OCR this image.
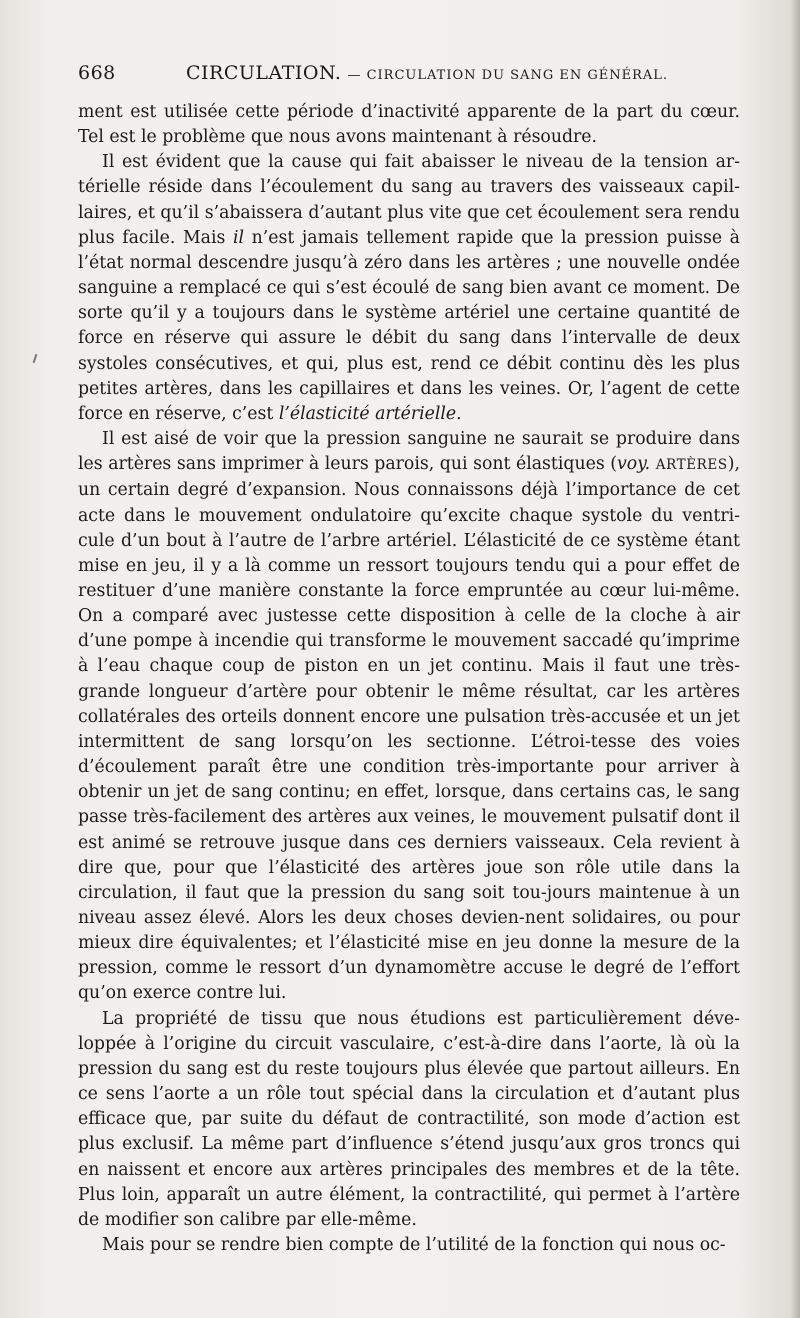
668	CIRCULATION. — CIRCULATION DU SANG EN GÉNÉRAL.

ment est utilisée cette période d’inactivité apparente de la part du cœur. Tel est le problème que nous avons maintenant à résoudre.

Il est évident que la cause qui fait abaisser le niveau de la tension ar-térielle réside dans l’écoulement du sang au travers des vaisseaux capil-laires, et qu’il s’abaissera d’autant plus vite que cet écoulement sera rendu plus facile. Mais il n’est jamais tellement rapide que la pression puisse à l’état normal descendre jusqu’à zéro dans les artères ; une nouvelle ondée sanguine a remplacé ce qui s’est écoulé de sang bien avant ce moment. De sorte qu’il y a toujours dans le système artériel une certaine quantité de force en réserve qui assure le débit du sang dans l’intervalle de deux systoles consécutives, et qui, plus est, rend ce débit continu dès les plus petites artères, dans les capillaires et dans les veines. Or, l’agent de cette force en réserve, c’est l’élasticité artérielle.

Il est aisé de voir que la pression sanguine ne saurait se produire dans les artères sans imprimer à leurs parois, qui sont élastiques (voy. ARTÈRES), un certain degré d’expansion. Nous connaissons déjà l’importance de cet acte dans le mouvement ondulatoire qu’excite chaque systole du ventri-cule d’un bout à l’autre de l’arbre artériel. L’élasticité de ce système étant mise en jeu, il y a là comme un ressort toujours tendu qui a pour effet de restituer d’une manière constante la force empruntée au cœur lui-même. On a comparé avec justesse cette disposition à celle de la cloche à air d’une pompe à incendie qui transforme le mouvement saccadé qu’imprime à l’eau chaque coup de piston en un jet continu. Mais il faut une très-grande longueur d’artère pour obtenir le même résultat, car les artères collatérales des orteils donnent encore une pulsation très-accusée et un jet intermittent de sang lorsqu’on les sectionne. L’étroi-tesse des voies d’écoulement paraît être une condition très-importante pour arriver à obtenir un jet de sang continu; en effet, lorsque, dans certains cas, le sang passe très-facilement des artères aux veines, le mouvement pulsatif dont il est animé se retrouve jusque dans ces derniers vaisseaux. Cela revient à dire que, pour que l’élasticité des artères joue son rôle utile dans la circulation, il faut que la pression du sang soit tou-jours maintenue à un niveau assez élevé. Alors les deux choses devien-nent solidaires, ou pour mieux dire équivalentes; et l’élasticité mise en jeu donne la mesure de la pression, comme le ressort d’un dynamomètre accuse le degré de l’effort qu’on exerce contre lui.

La propriété de tissu que nous étudions est particulièrement déve-loppée à l’origine du circuit vasculaire, c’est-à-dire dans l’aorte, là où la pression du sang est du reste toujours plus élevée que partout ailleurs. En ce sens l’aorte a un rôle tout spécial dans la circulation et d’autant plus efficace que, par suite du défaut de contractilité, son mode d’action est plus exclusif. La même part d’influence s’étend jusqu’aux gros troncs qui en naissent et encore aux artères principales des membres et de la tête. Plus loin, apparaît un autre élément, la contractilité, qui permet à l’artère de modifier son calibre par elle-même.

Mais pour se rendre bien compte de l’utilité de la fonction qui nous oc-
